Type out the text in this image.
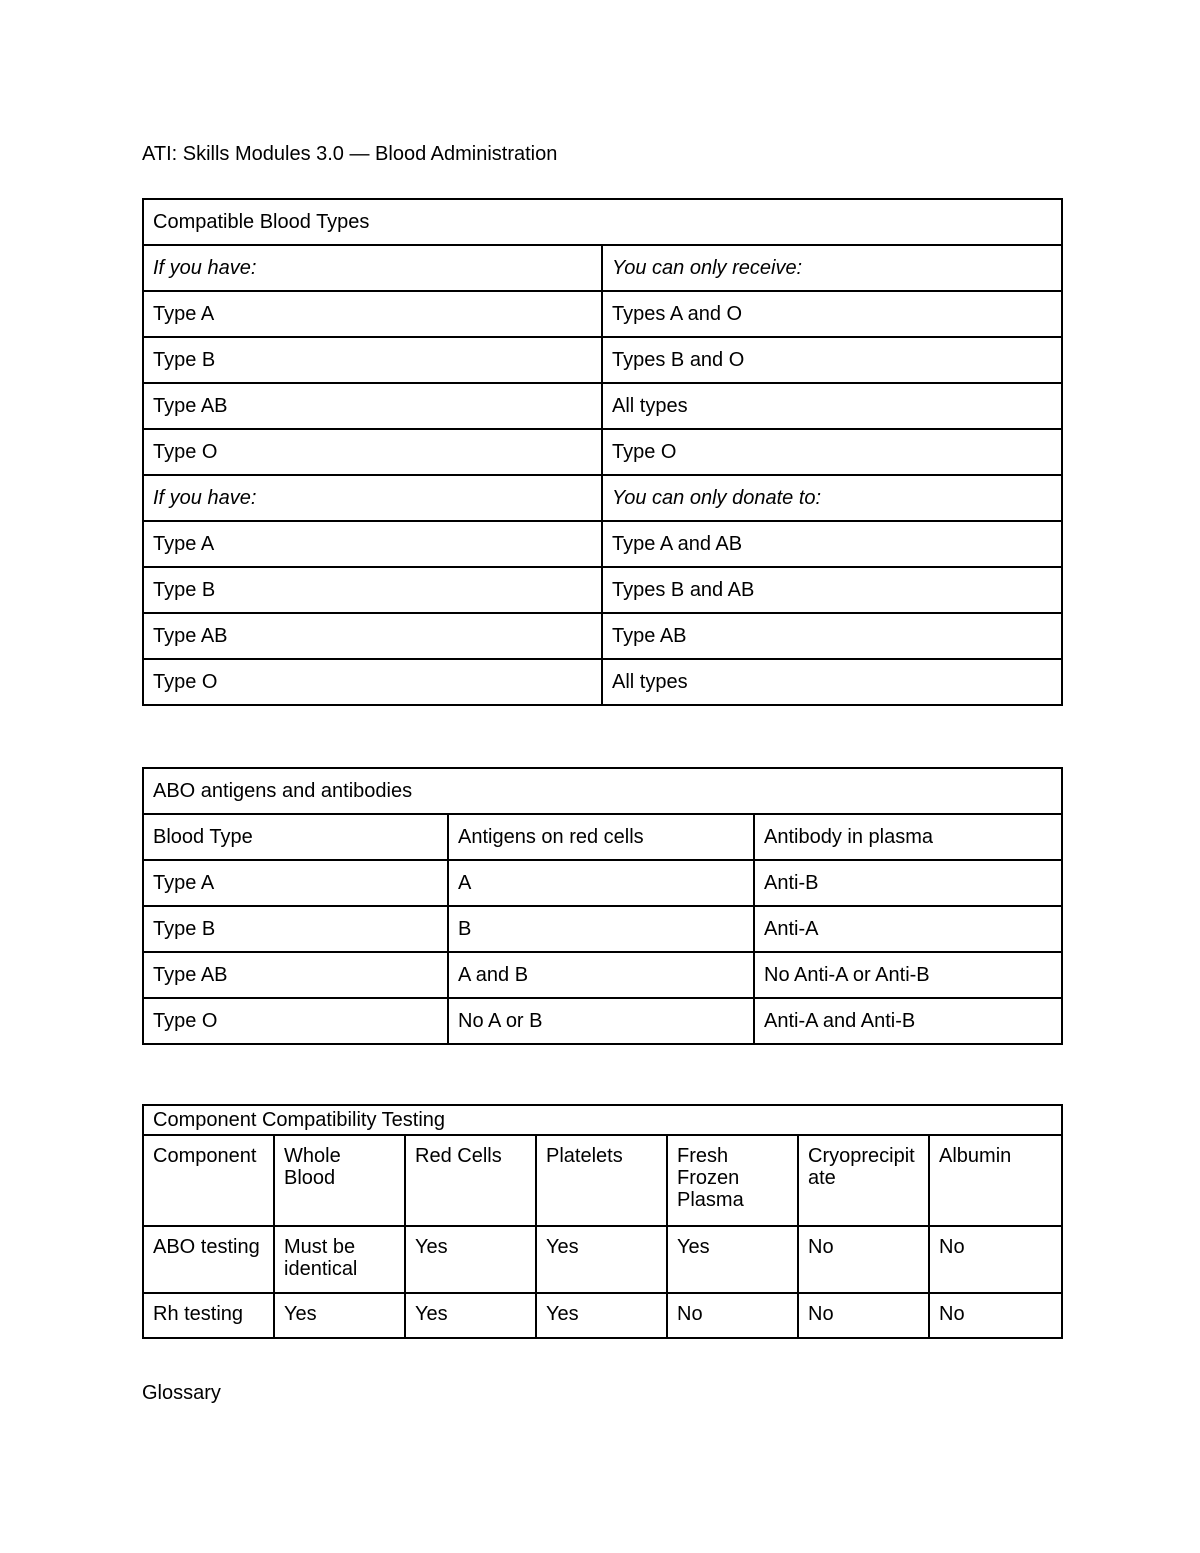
ATI: Skills Modules 3.0 — Blood Administration
Compatible Blood Types	
If you have:	You can only receive:
Type A	Types A and O
Type B	Types B and O
Type AB	All types
Type O	Type O
If you have:	You can only donate to:
Type A	Type A and AB
Type B	Types B and AB
Type AB	Type AB
Type O	All types
ABO antigens and antibodies		
Blood Type	Antigens on red cells	Antibody in plasma
Type A	A	Anti-B
Type B	B	Anti-A
Type AB	A and B	No Anti-A or Anti-B
Type O	No A or B	Anti-A and Anti-B
Component Compatibility Testing						
Component	Whole Blood	Red Cells	Platelets	Fresh Frozen Plasma	Cryoprecipitate	Albumin
ABO testing	Must be identical	Yes	Yes	Yes	No	No
Rh testing	Yes	Yes	Yes	No	No	No
Glossary
